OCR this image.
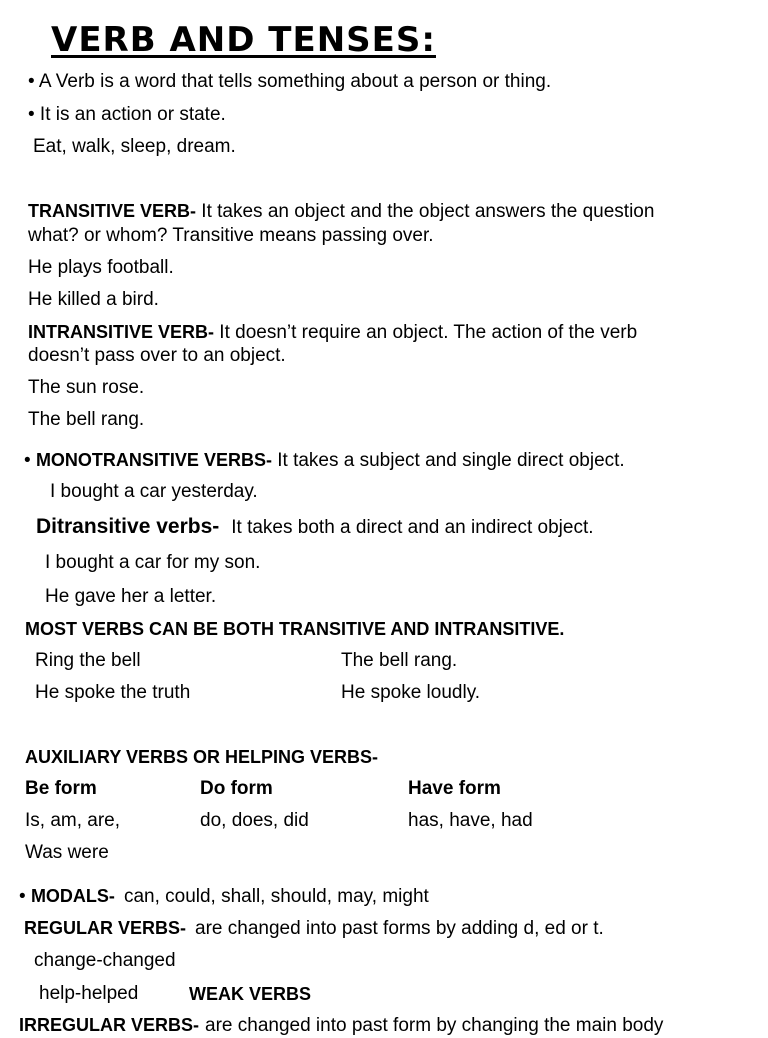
VERB AND TENSES:
• A Verb is a word that tells something about a person or thing.
• It is an action or state.
Eat, walk, sleep, dream.
TRANSITIVE VERB- It takes an object and the object answers the question
what? or whom? Transitive means passing over.
He plays football.
He killed a bird.
INTRANSITIVE VERB- It doesn’t require an object. The action of the verb
doesn’t pass over to an object.
The sun rose.
The bell rang.
• MONOTRANSITIVE VERBS- It takes a subject and single direct object.
I bought a car yesterday.
Ditransitive verbs- It takes both a direct and an indirect object.
I bought a car for my son.
He gave her a letter.
MOST VERBS CAN BE BOTH TRANSITIVE AND INTRANSITIVE.
Ring the bell	The bell rang.
He spoke the truth	He spoke loudly.
AUXILIARY VERBS OR HELPING VERBS-
Be form	Do form	Have form
Is, am, are,	do, does, did	has, have, had
Was were
• MODALS- can, could, shall, should, may, might
REGULAR VERBS- are changed into past forms by adding d, ed or t.
change-changed
help-helped	WEAK VERBS
IRREGULAR VERBS- are changed into past form by changing the main body
